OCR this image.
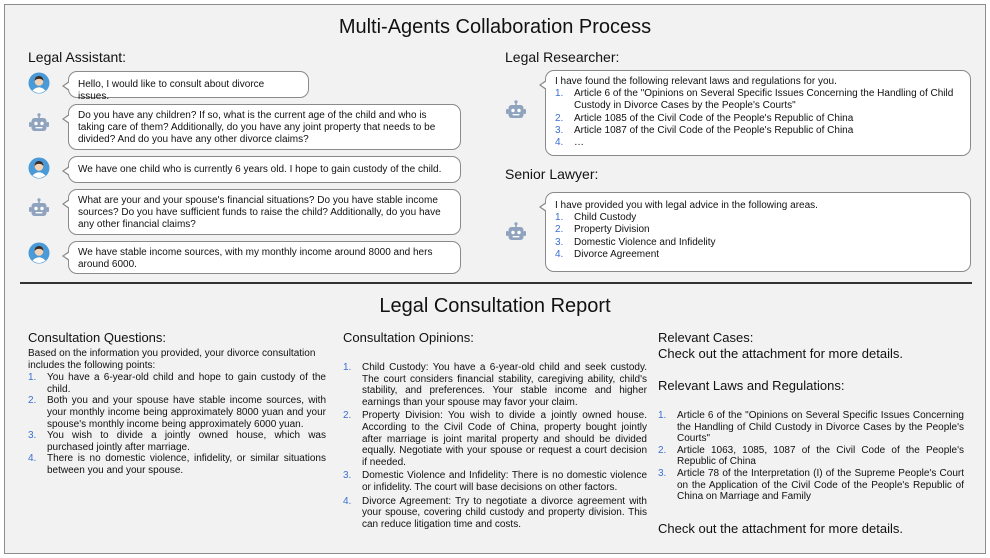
Multi-Agents Collaboration Process
Legal Assistant:
Hello, I would like to consult about divorce issues.
Do you have any children? If so, what is the current age of the child and who is taking care of them? Additionally, do you have any joint property that needs to be divided? And do you have any other divorce claims?
We have one child who is currently 6 years old. I hope to gain custody of the child.
What are your and your spouse's financial situations? Do you have stable income sources? Do you have sufficient funds to raise the child? Additionally, do you have any other financial claims?
We have stable income sources, with my monthly income around 8000 and hers around 6000.
Legal Researcher:
I have found the following relevant laws and regulations for you.
1.	Article 6 of the "Opinions on Several Specific Issues Concerning the Handling of Child Custody in Divorce Cases by the People's Courts"
2.	Article 1085 of the Civil Code of the People's Republic of China
3.	Article 1087 of the Civil Code of the People's Republic of China
4.	…
Senior Lawyer:
I have provided you with legal advice in the following areas.
1.	Child Custody
2.	Property Division
3.	Domestic Violence and Infidelity
4.	Divorce Agreement
Legal Consultation Report
Consultation Questions:
Based on the information you provided, your divorce consultation includes the following points:
1.	You have a 6-year-old child and hope to gain custody of the child.
2.	Both you and your spouse have stable income sources, with your monthly income being approximately 8000 yuan and your spouse's monthly income being approximately 6000 yuan.
3.	You wish to divide a jointly owned house, which was purchased jointly after marriage.
4.	There is no domestic violence, infidelity, or similar situations between you and your spouse.
Consultation Opinions:
1.	Child Custody: You have a 6-year-old child and seek custody. The court considers financial stability, caregiving ability, child's stability, and preferences. Your stable income and higher earnings than your spouse may favor your claim.
2.	Property Division: You wish to divide a jointly owned house. According to the Civil Code of China, property bought jointly after marriage is joint marital property and should be divided equally. Negotiate with your spouse or request a court decision if needed.
3.	Domestic Violence and Infidelity: There is no domestic violence or infidelity. The court will base decisions on other factors.
4.	Divorce Agreement: Try to negotiate a divorce agreement with your spouse, covering child custody and property division. This can reduce litigation time and costs.
Relevant Cases:
Check out the attachment for more details.
Relevant Laws and Regulations:
1.	Article 6 of the "Opinions on Several Specific Issues Concerning the Handling of Child Custody in Divorce Cases by the People's Courts"
2.	Article 1063, 1085, 1087 of the Civil Code of the People's Republic of China
3.	Article 78 of the Interpretation (I) of the Supreme People's Court on the Application of the Civil Code of the People's Republic of China on Marriage and Family
Check out the attachment for more details.
